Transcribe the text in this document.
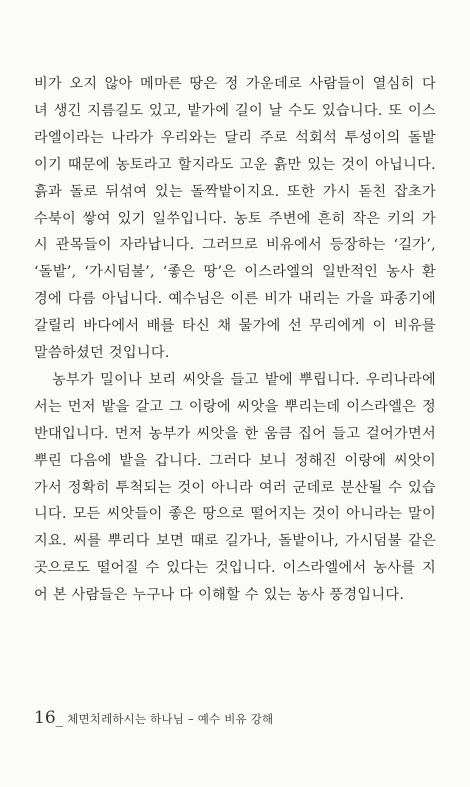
비가 오지 않아 메마른 땅은 정 가운데로 사람들이 열심히 다
녀 생긴 지름길도 있고, 밭가에 길이 날 수도 있습니다. 또 이스
라엘이라는 나라가 우리와는 달리 주로 석회석 투성이의 돌밭
이기 때문에 농토라고 할지라도 고운 흙만 있는 것이 아닙니다.
흙과 돌로 뒤섞여 있는 돌짝밭이지요. 또한 가시 돋친 잡초가
수북이 쌓여 있기 일쑤입니다. 농토 주변에 흔히 작은 키의 가
시 관목들이 자라납니다. 그러므로 비유에서 등장하는 ‘길가’,
‘돌밭’, ‘가시덤불’, ‘좋은 땅’은 이스라엘의 일반적인 농사 환
경에 다름 아닙니다. 예수님은 이른 비가 내리는 가을 파종기에
갈릴리 바다에서 배를 타신 채 물가에 선 무리에게 이 비유를
말씀하셨던 것입니다.
농부가 밀이나 보리 씨앗을 들고 밭에 뿌립니다. 우리나라에
서는 먼저 밭을 갈고 그 이랑에 씨앗을 뿌리는데 이스라엘은 정
반대입니다. 먼저 농부가 씨앗을 한 움큼 집어 들고 걸어가면서
뿌린 다음에 밭을 갑니다. 그러다 보니 정해진 이랑에 씨앗이
가서 정확히 투척되는 것이 아니라 여러 군데로 분산될 수 있습
니다. 모든 씨앗들이 좋은 땅으로 떨어지는 것이 아니라는 말이
지요. 씨를 뿌리다 보면 때로 길가나, 돌밭이나, 가시덤불 같은
곳으로도 떨어질 수 있다는 것입니다. 이스라엘에서 농사를 지
어 본 사람들은 누구나 다 이해할 수 있는 농사 풍경입니다.
16 _ 체면치레하시는 하나님 – 예수 비유 강해
